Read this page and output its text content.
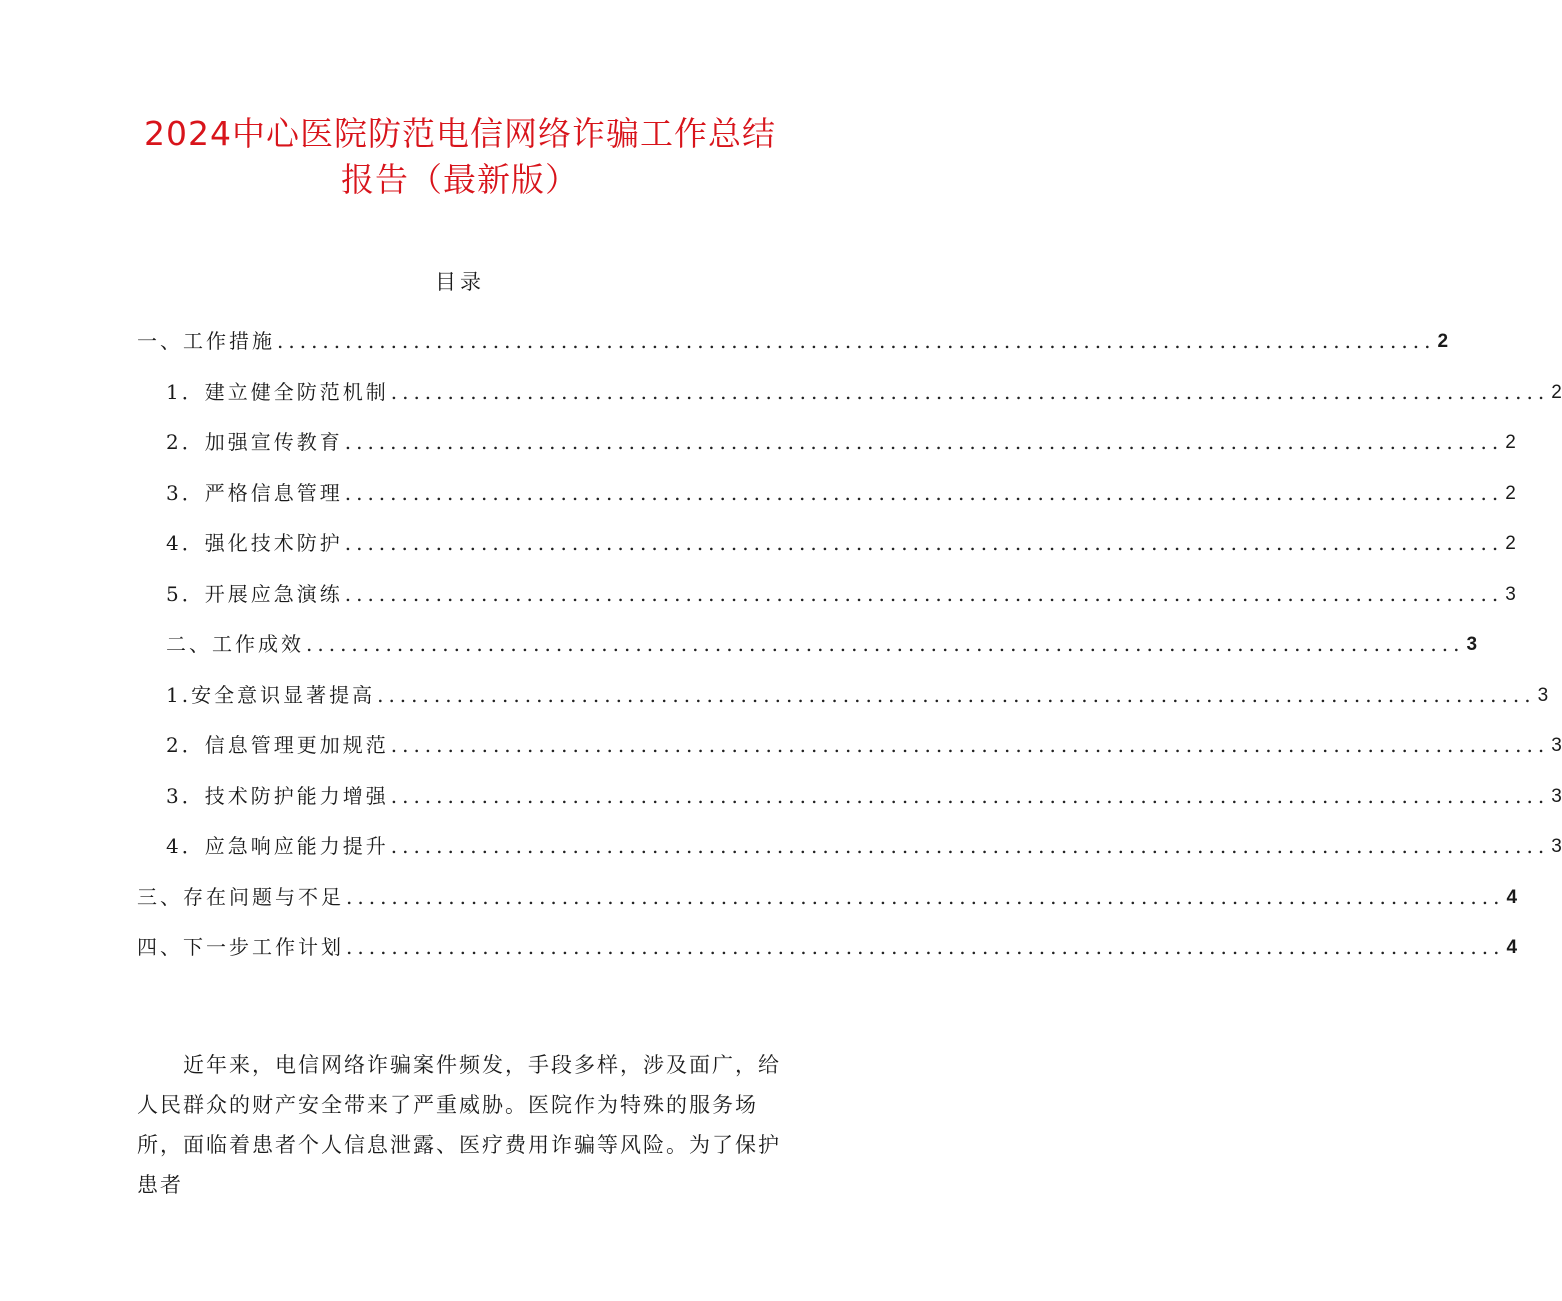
2024中心医院防范电信网络诈骗工作总结
报告（最新版）
目录
一、工作措施 ...................................................................................................... 2
1．建立健全防范机制 ...................................................................................................... 2
2．加强宣传教育 ...................................................................................................... 2
3．严格信息管理 ...................................................................................................... 2
4．强化技术防护 ...................................................................................................... 2
5．开展应急演练 ...................................................................................................... 3
二、工作成效 ...................................................................................................... 3
1.安全意识显著提高 ...................................................................................................... 3
2．信息管理更加规范 ...................................................................................................... 3
3．技术防护能力增强 ...................................................................................................... 3
4．应急响应能力提升 ...................................................................................................... 3
三、存在问题与不足 ...................................................................................................... 4
四、下一步工作计划 ...................................................................................................... 4

近年来，电信网络诈骗案件频发，手段多样，涉及面广，给人民群众的财产安全带来了严重威胁。医院作为特殊的服务场所，面临着患者个人信息泄露、医疗费用诈骗等风险。为了保护患者
